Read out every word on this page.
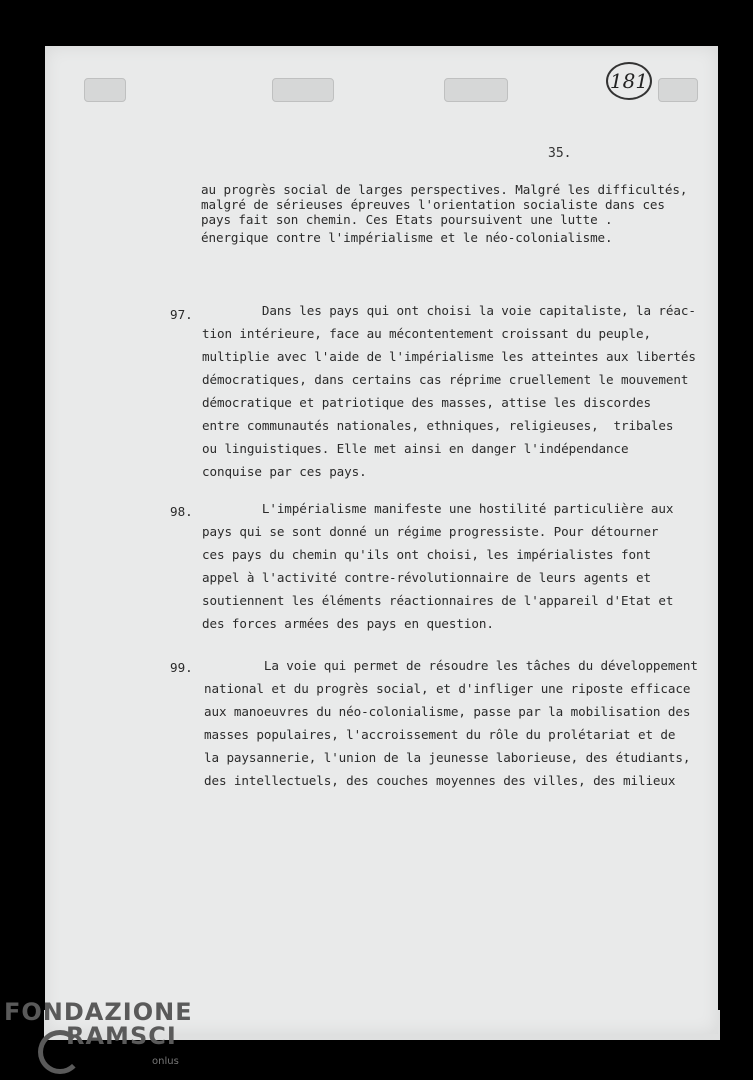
181
35.
au progrès social de larges perspectives. Malgré les difficultés,
malgré de sérieuses épreuves l'orientation socialiste dans ces
pays fait son chemin. Ces Etats poursuivent une lutte .
énergique contre l'impérialisme et le néo-colonialisme.
97. Dans les pays qui ont choisi la voie capitaliste, la réac-
tion intérieure, face au mécontentement croissant du peuple,
multiplie avec l'aide de l'impérialisme les atteintes aux libertés
démocratiques, dans certains cas réprime cruellement le mouvement
démocratique et patriotique des masses, attise les discordes
entre communautés nationales, ethniques, religieuses,  tribales
ou linguistiques. Elle met ainsi en danger l'indépendance
conquise par ces pays.
98. L'impérialisme manifeste une hostilité particulière aux
pays qui se sont donné un régime progressiste. Pour détourner
ces pays du chemin qu'ils ont choisi, les impérialistes font
appel à l'activité contre-révolutionnaire de leurs agents et
soutiennent les éléments réactionnaires de l'appareil d'Etat et
des forces armées des pays en question.
99. La voie qui permet de résoudre les tâches du développement
national et du progrès social, et d'infliger une riposte efficace
aux manoeuvres du néo-colonialisme, passe par la mobilisation des
masses populaires, l'accroissement du rôle du prolétariat et de
la paysannerie, l'union de la jeunesse laborieuse, des étudiants,
des intellectuels, des couches moyennes des villes, des milieux
FONDAZIONE
RAMSCI
onlus
